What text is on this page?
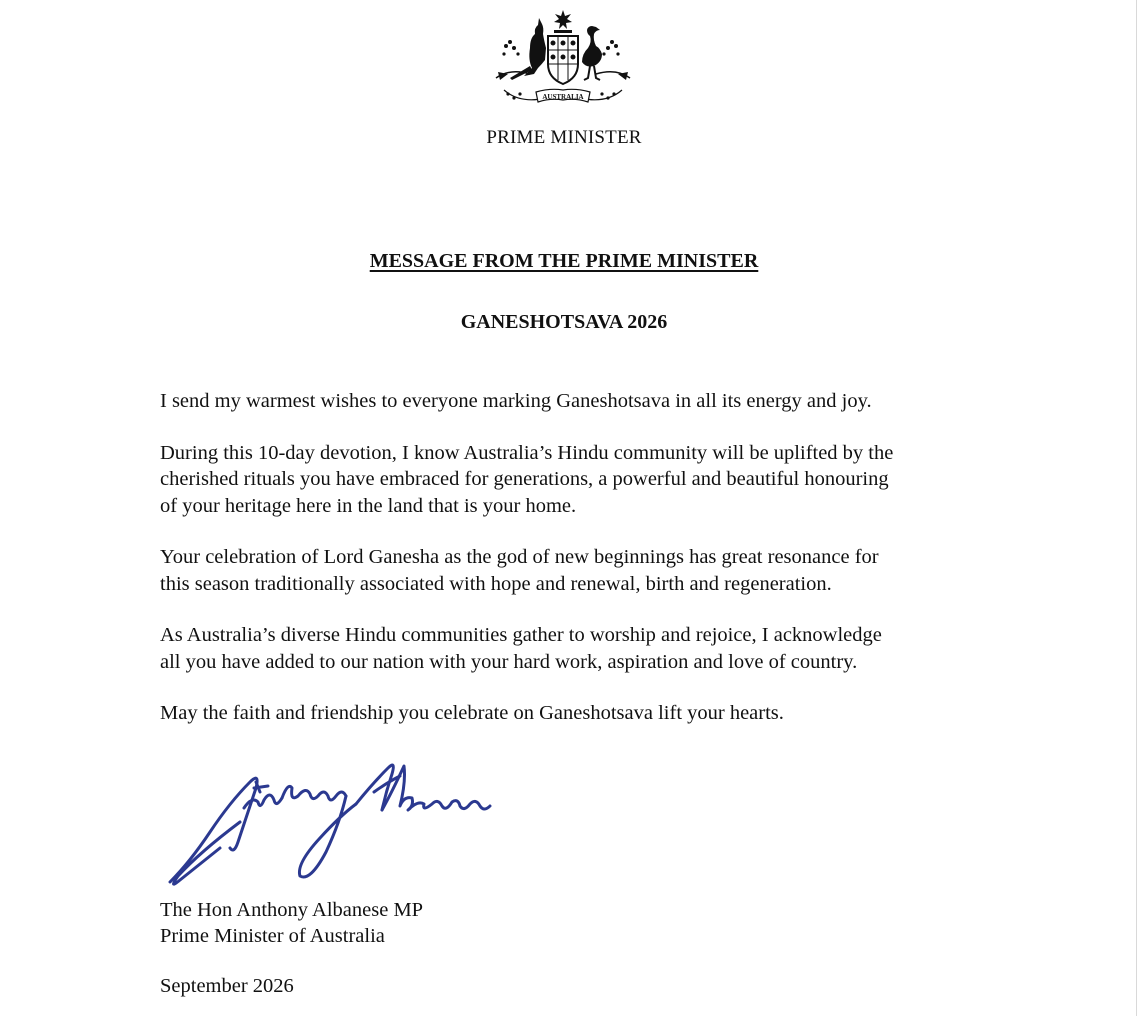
AUSTRALIA
PRIME MINISTER
MESSAGE FROM THE PRIME MINISTER
GANESHOTSAVA 2026

I send my warmest wishes to everyone marking Ganeshotsava in all its energy and joy.

During this 10-day devotion, I know Australia’s Hindu community will be uplifted by the
cherished rituals you have embraced for generations, a powerful and beautiful honouring
of your heritage here in the land that is your home.

Your celebration of Lord Ganesha as the god of new beginnings has great resonance for
this season traditionally associated with hope and renewal, birth and regeneration.

As Australia’s diverse Hindu communities gather to worship and rejoice, I acknowledge
all you have added to our nation with your hard work, aspiration and love of country.

May the faith and friendship you celebrate on Ganeshotsava lift your hearts.

The Hon Anthony Albanese MP
Prime Minister of Australia
September 2026
